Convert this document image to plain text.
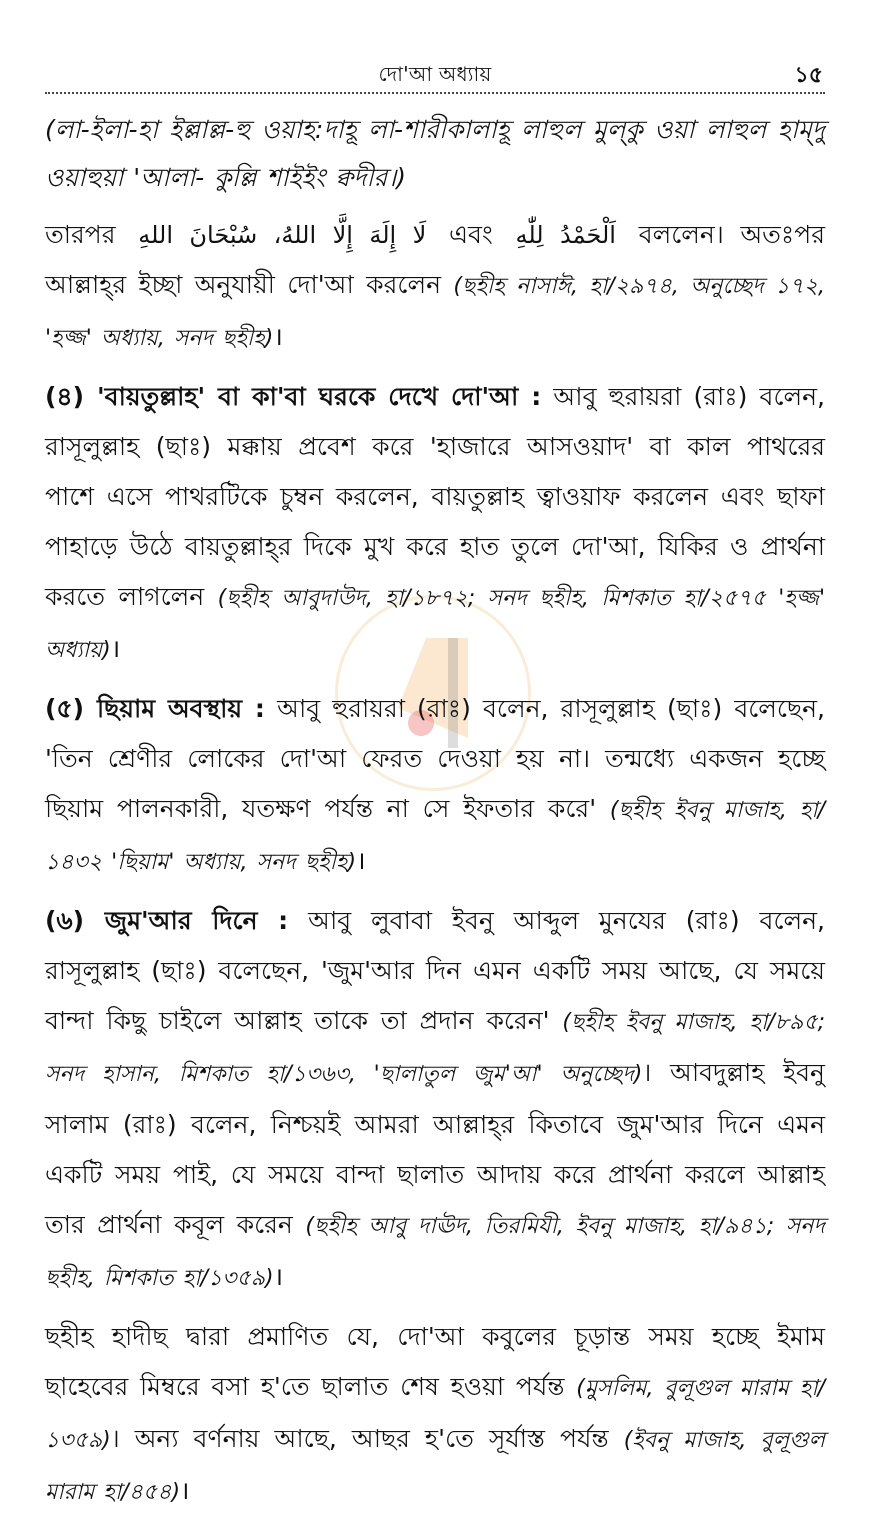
দো'আ অধ্যায়	১৫

(লা-ইলা-হা ইল্লাল্ল-হু ওয়াহ:দাহূ লা-শারীকালাহূ লাহুল মুল্‌কু ওয়া লাহুল হাম্‌দু ওয়াহুয়া 'আলা- কুল্লি শাইইং ক্বদীর।)

তারপর لَا إِلَهَ إِلَّا اللهُ، سُبْحَانَ اللهِ এবং اَلْحَمْدُ لِلّٰهِ বললেন। অতঃপর আল্লাহ্‌র ইচ্ছা অনুযায়ী দো'আ করলেন (ছহীহ নাসাঈ, হা/২৯৭৪, অনুচ্ছেদ ১৭২, 'হজ্জ' অধ্যায়, সনদ ছহীহ)।

(৪) 'বায়তুল্লাহ' বা কা'বা ঘরকে দেখে দো'আ : আবু হুরায়রা (রাঃ) বলেন, রাসূলুল্লাহ (ছাঃ) মক্কায় প্রবেশ করে 'হাজারে আসওয়াদ' বা কাল পাথরের পাশে এসে পাথরটিকে চুম্বন করলেন, বায়তুল্লাহ ত্বাওয়াফ করলেন এবং ছাফা পাহাড়ে উঠে বায়তুল্লাহ্‌র দিকে মুখ করে হাত তুলে দো'আ, যিকির ও প্রার্থনা করতে লাগলেন (ছহীহ আবুদাউদ, হা/১৮৭২; সনদ ছহীহ, মিশকাত হা/২৫৭৫ 'হজ্জ' অধ্যায়)।

(৫) ছিয়াম অবস্থায় : আবু হুরায়রা (রাঃ) বলেন, রাসূলুল্লাহ (ছাঃ) বলেছেন, 'তিন শ্রেণীর লোকের দো'আ ফেরত দেওয়া হয় না। তন্মধ্যে একজন হচ্ছে ছিয়াম পালনকারী, যতক্ষণ পর্যন্ত না সে ইফতার করে' (ছহীহ ইবনু মাজাহ, হা/১৪৩২ 'ছিয়াম' অধ্যায়, সনদ ছহীহ)।

(৬) জুম'আর দিনে : আবু লুবাবা ইবনু আব্দুল মুনযের (রাঃ) বলেন, রাসূলুল্লাহ (ছাঃ) বলেছেন, 'জুম'আর দিন এমন একটি সময় আছে, যে সময়ে বান্দা কিছু চাইলে আল্লাহ তাকে তা প্রদান করেন' (ছহীহ ইবনু মাজাহ, হা/৮৯৫; সনদ হাসান, মিশকাত হা/১৩৬৩, 'ছালাতুল জুম'আ' অনুচ্ছেদ)। আবদুল্লাহ ইবনু সালাম (রাঃ) বলেন, নিশ্চয়ই আমরা আল্লাহ্‌র কিতাবে জুম'আর দিনে এমন একটি সময় পাই, যে সময়ে বান্দা ছালাত আদায় করে প্রার্থনা করলে আল্লাহ তার প্রার্থনা কবূল করেন (ছহীহ আবু দাঊদ, তিরমিযী, ইবনু মাজাহ, হা/৯৪১; সনদ ছহীহ, মিশকাত হা/১৩৫৯)।

ছহীহ হাদীছ দ্বারা প্রমাণিত যে, দো'আ কবুলের চূড়ান্ত সময় হচ্ছে ইমাম ছাহেবের মিম্বরে বসা হ'তে ছালাত শেষ হওয়া পর্যন্ত (মুসলিম, বুলূগুল মারাম হা/১৩৫৯)। অন্য বর্ণনায় আছে, আছর হ'তে সূর্যাস্ত পর্যন্ত (ইবনু মাজাহ, বুলূগুল মারাম হা/৪৫৪)।
